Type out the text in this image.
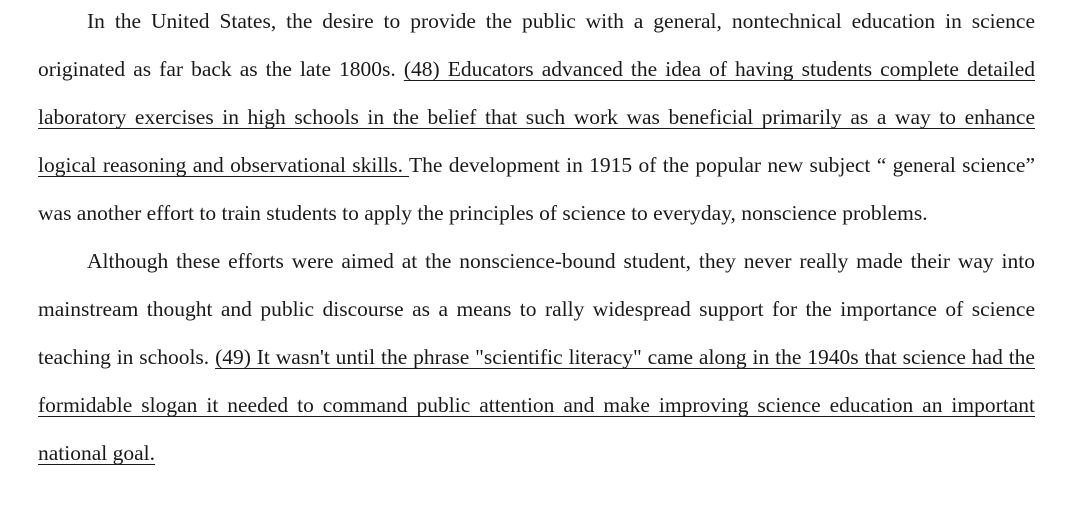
In the United States, the desire to provide the public with a general, nontechnical education in science originated as far back as the late 1800s. (48) Educators advanced the idea of having students complete detailed laboratory exercises in high schools in the belief that such work was beneficial primarily as a way to enhance logical reasoning and observational skills. The development in 1915 of the popular new subject “ general science” was another effort to train students to apply the principles of science to everyday, nonscience problems.

Although these efforts were aimed at the nonscience-bound student, they never really made their way into mainstream thought and public discourse as a means to rally widespread support for the importance of science teaching in schools. (49) It wasn't until the phrase "scientific literacy" came along in the 1940s that science had the formidable slogan it needed to command public attention and make improving science education an important national goal.
